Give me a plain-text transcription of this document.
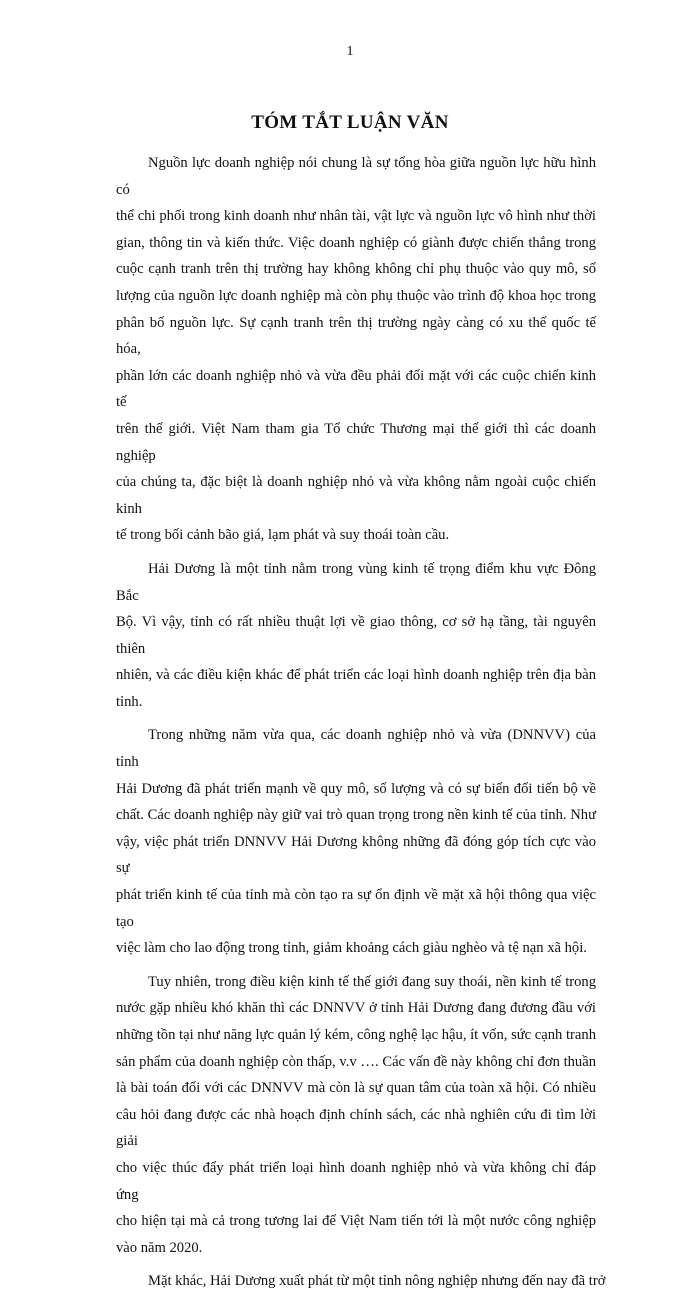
1
TÓM TẮT LUẬN VĂN
Nguồn lực doanh nghiệp nói chung là sự tổng hòa giữa nguồn lực hữu hình có
thể chi phối trong kinh doanh như nhân tài, vật lực và nguồn lực vô hình như thời
gian, thông tin và kiến thức. Việc doanh nghiệp có giành được chiến thắng trong
cuộc cạnh tranh trên thị trường hay không không chỉ phụ thuộc vào quy mô, số
lượng của nguồn lực doanh nghiệp mà còn phụ thuộc vào trình độ khoa học trong
phân bố nguồn lực. Sự cạnh tranh trên thị trường ngày càng có xu thế quốc tế hóa,
phần lớn các doanh nghiệp nhỏ và vừa đều phải đối mặt với các cuộc chiến kinh tế
trên thế giới. Việt Nam tham gia Tổ chức Thương mại thế giới thì các doanh nghiệp
của chúng ta, đặc biệt là doanh nghiệp nhỏ và vừa không nằm ngoài cuộc chiến kinh
tế trong bối cảnh bão giá, lạm phát và suy thoái toàn cầu.
Hải Dương là một tỉnh nằm trong vùng kinh tế trọng điểm khu vực Đông Bắc
Bộ. Vì vậy, tỉnh có rất nhiều thuật lợi về giao thông, cơ sở hạ tầng, tài nguyên thiên
nhiên, và các điều kiện khác để phát triển các loại hình doanh nghiệp trên địa bàn
tỉnh.
Trong những năm vừa qua, các doanh nghiệp nhỏ và vừa (DNNVV) của tỉnh
Hải Dương đã phát triển mạnh về quy mô, số lượng và có sự biến đổi tiến bộ về
chất. Các doanh nghiệp này giữ vai trò quan trọng trong nền kinh tế của tỉnh. Như
vậy, việc phát triển DNNVV Hải Dương không những đã đóng góp tích cực vào sự
phát triển kinh tế của tỉnh mà còn tạo ra sự ổn định về mặt xã hội thông qua việc tạo
việc làm cho lao động trong tỉnh, giảm khoảng cách giàu nghèo và tệ nạn xã hội.
Tuy nhiên, trong điều kiện kinh tế thế giới đang suy thoái, nền kinh tế trong
nước gặp nhiều khó khăn thì các DNNVV ở tỉnh Hải Dương đang đương đầu với
những tồn tại như năng lực quản lý kém, công nghệ lạc hậu, ít vốn, sức cạnh tranh
sản phẩm của doanh nghiệp còn thấp, v.v …. Các vấn đề này không chỉ đơn thuần
là bài toán đối với các DNNVV mà còn là sự quan tâm của toàn xã hội. Có nhiều
câu hỏi đang được các nhà hoạch định chính sách, các nhà nghiên cứu đi tìm lời giải
cho việc thúc đẩy phát triển loại hình doanh nghiệp nhỏ và vừa không chỉ đáp ứng
cho hiện tại mà cả trong tương lai để Việt Nam tiến tới là một nước công nghiệp
vào năm 2020.
Mặt khác, Hải Dương xuất phát từ một tỉnh nông nghiệp nhưng đến nay đã trở
